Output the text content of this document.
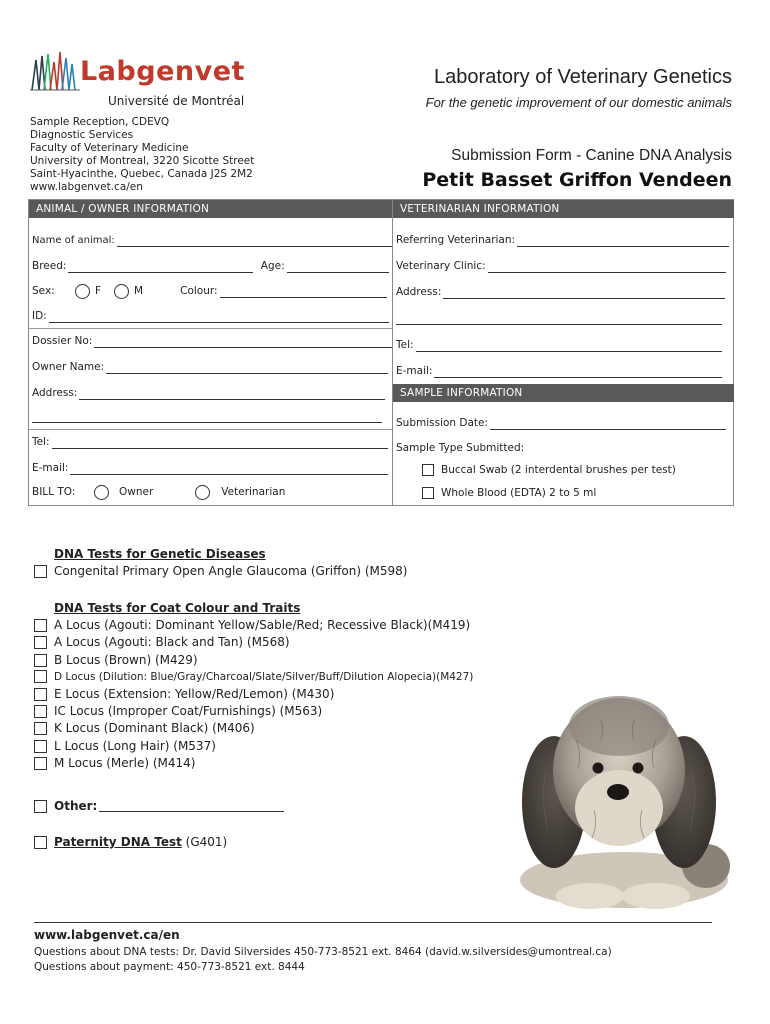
Labgenvet
Université de Montréal
Laboratory of Veterinary Genetics
For the genetic improvement of our domestic animals
Sample Reception, CDEVQ
Diagnostic Services
Faculty of Veterinary Medicine
University of Montreal, 3220 Sicotte Street
Saint-Hyacinthe, Quebec, Canada J2S 2M2
www.labgenvet.ca/en
Submission Form - Canine DNA Analysis
Petit Basset Griffon Vendeen
ANIMAL / OWNER INFORMATION
Name of animal:
Breed:	Age:
Sex:	F	M	Colour:
ID:
Dossier No:
Owner Name:
Address:
Tel:
E-mail:
BILL TO:	Owner	Veterinarian
VETERINARIAN INFORMATION
Referring Veterinarian:
Veterinary Clinic:
Address:
Tel:
E-mail:
SAMPLE INFORMATION
Submission Date:
Sample Type Submitted:
Buccal Swab (2 interdental brushes per test)
Whole Blood (EDTA) 2 to 5 ml
DNA Tests for Genetic Diseases
Congenital Primary Open Angle Glaucoma (Griffon) (M598)
DNA Tests for Coat Colour and Traits
A Locus (Agouti: Dominant Yellow/Sable/Red; Recessive Black)(M419)
A Locus (Agouti: Black and Tan) (M568)
B Locus (Brown) (M429)
D Locus (Dilution: Blue/Gray/Charcoal/Slate/Silver/Buff/Dilution Alopecia)(M427)
E Locus (Extension: Yellow/Red/Lemon) (M430)
IC Locus (Improper Coat/Furnishings) (M563)
K Locus (Dominant Black) (M406)
L Locus (Long Hair) (M537)
M Locus (Merle) (M414)
Other:
Paternity DNA Test (G401)
www.labgenvet.ca/en
Questions about DNA tests: Dr. David Silversides 450-773-8521 ext. 8464 (david.w.silversides@umontreal.ca)
Questions about payment: 450-773-8521 ext. 8444
